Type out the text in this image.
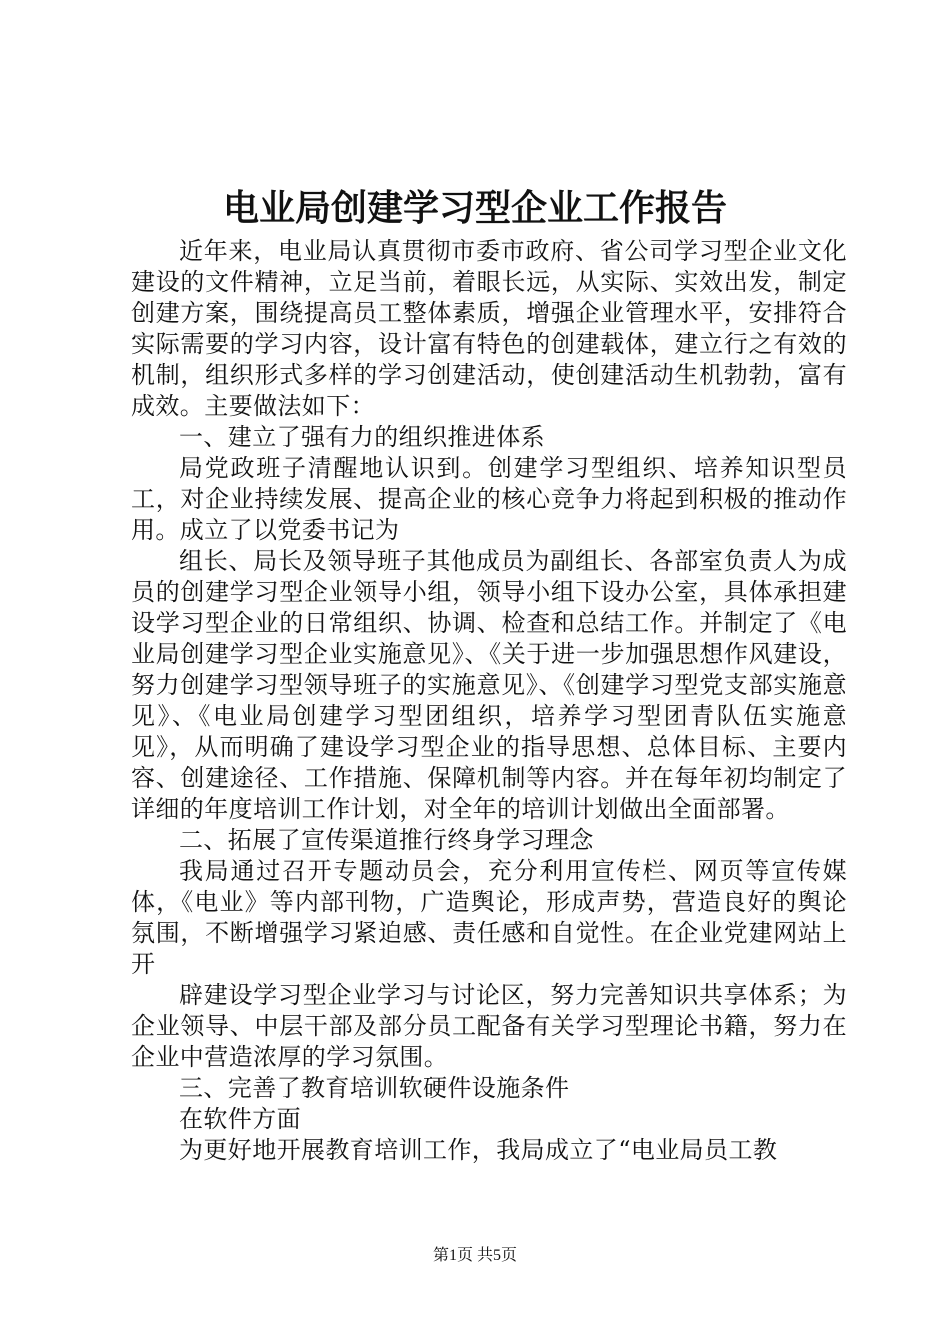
电业局创建学习型企业工作报告

近年来，电业局认真贯彻市委市政府、省公司学习型企业文化建设的文件精神，立足当前，着眼长远，从实际、实效出发，制定创建方案，围绕提高员工整体素质，增强企业管理水平，安排符合实际需要的学习内容，设计富有特色的创建载体，建立行之有效的机制，组织形式多样的学习创建活动，使创建活动生机勃勃，富有成效。主要做法如下：

一、建立了强有力的组织推进体系

局党政班子清醒地认识到。创建学习型组织、培养知识型员工，对企业持续发展、提高企业的核心竞争力将起到积极的推动作用。成立了以党委书记为

组长、局长及领导班子其他成员为副组长、各部室负责人为成员的创建学习型企业领导小组，领导小组下设办公室，具体承担建设学习型企业的日常组织、协调、检查和总结工作。并制定了《电业局创建学习型企业实施意见》、《关于进一步加强思想作风建设，努力创建学习型领导班子的实施意见》、《创建学习型党支部实施意见》、《电业局创建学习型团组织，培养学习型团青队伍实施意见》，从而明确了建设学习型企业的指导思想、总体目标、主要内容、创建途径、工作措施、保障机制等内容。并在每年初均制定了详细的年度培训工作计划，对全年的培训计划做出全面部署。

二、拓展了宣传渠道推行终身学习理念

我局通过召开专题动员会，充分利用宣传栏、网页等宣传媒体，《电业》等内部刊物，广造舆论，形成声势，营造良好的舆论氛围，不断增强学习紧迫感、责任感和自觉性。在企业党建网站上开

辟建设学习型企业学习与讨论区，努力完善知识共享体系；为企业领导、中层干部及部分员工配备有关学习型理论书籍，努力在企业中营造浓厚的学习氛围。

三、完善了教育培训软硬件设施条件

在软件方面

为更好地开展教育培训工作，我局成立了“电业局员工教

第1页 共5页
